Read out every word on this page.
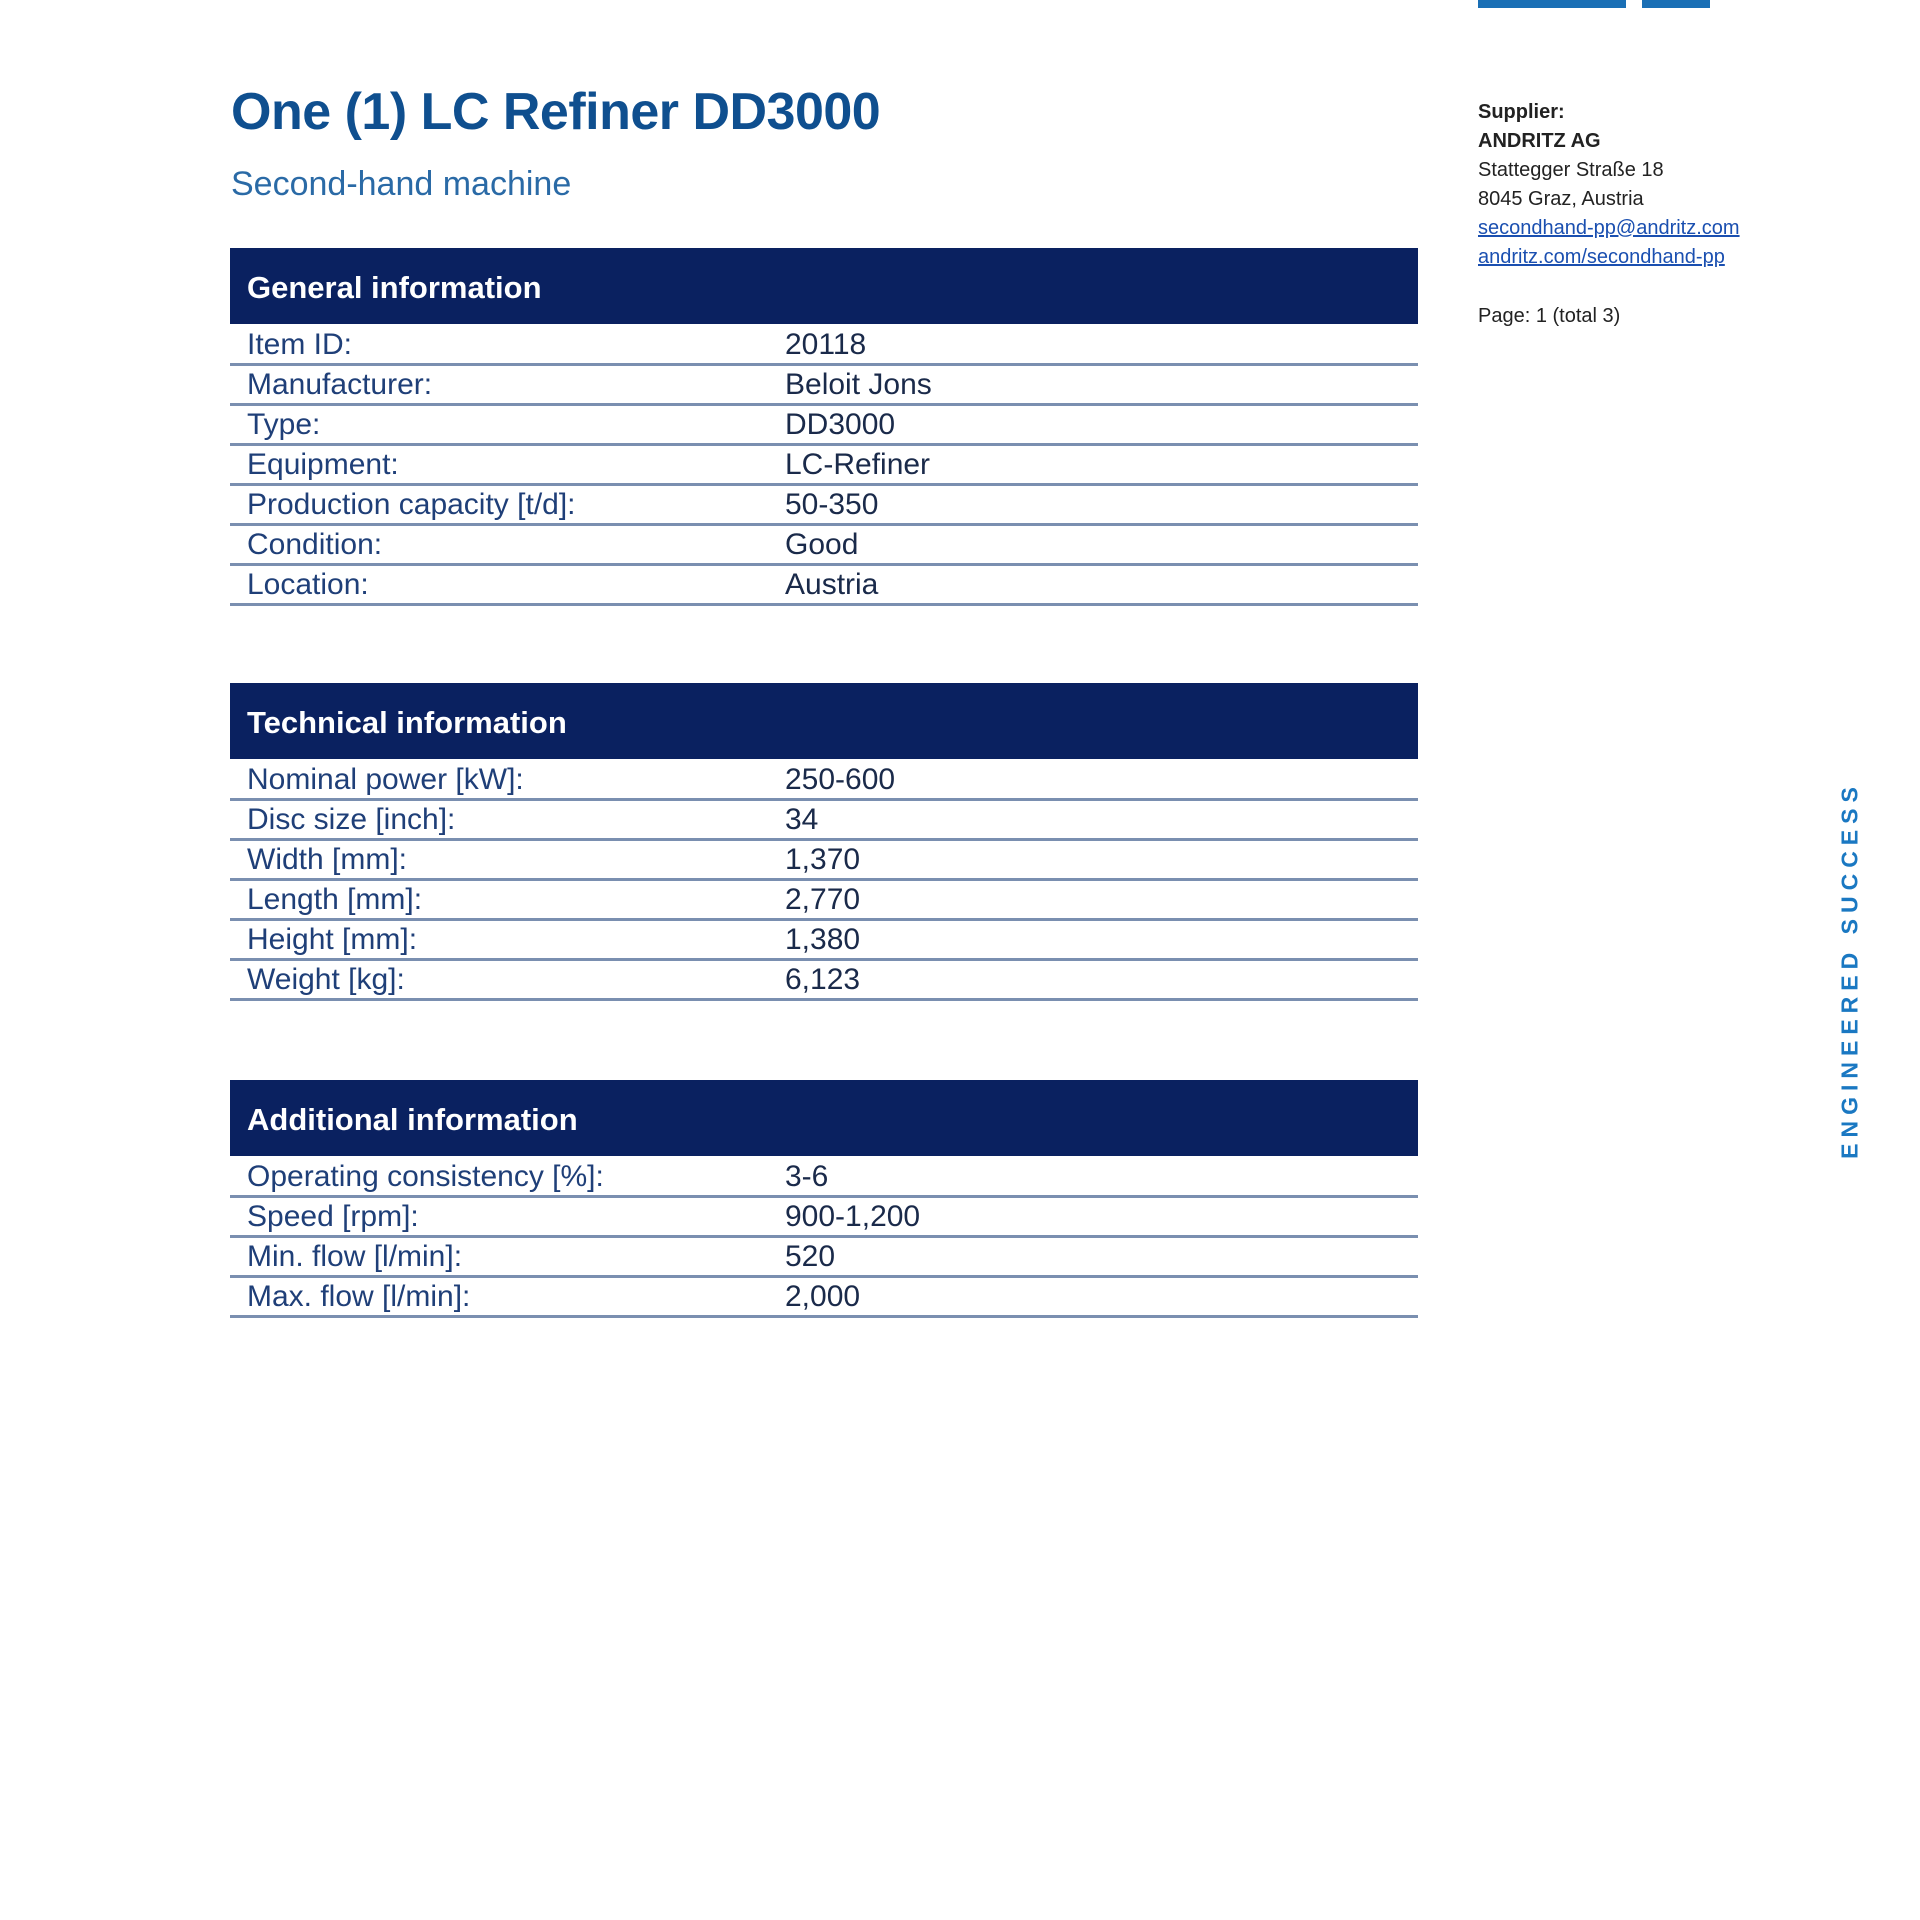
One (1) LC Refiner DD3000

Second-hand machine

General information
Item ID:	20118
Manufacturer:	Beloit Jons
Type:	DD3000
Equipment:	LC-Refiner
Production capacity [t/d]:	50-350
Condition:	Good
Location:	Austria
Technical information
Nominal power [kW]:	250-600
Disc size [inch]:	34
Width [mm]:	1,370
Length [mm]:	2,770
Height [mm]:	1,380
Weight [kg]:	6,123
Additional information
Operating consistency [%]:	3-6
Speed [rpm]:	900-1,200
Min. flow [l/min]:	520
Max. flow [l/min]:	2,000
Supplier:
ANDRITZ AG
Stattegger Straße 18
8045 Graz, Austria
secondhand-pp@andritz.com
andritz.com/secondhand-pp
Page: 1 (total 3)
ENGINEERED SUCCESS
